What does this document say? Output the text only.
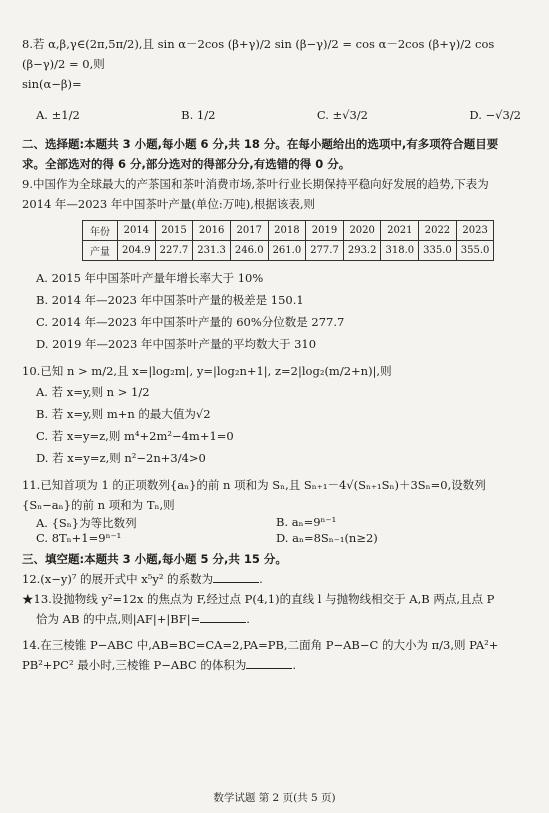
8.若 α,β,γ∈(2π,5π/2),且 sin α－2cos (β+γ)/2 sin (β−γ)/2 = cos α－2cos (β+γ)/2 cos (β−γ)/2 = 0,则
sin(α−β)=
A. ±1/2	B. 1/2	C. ±√3/2	D. −√3/2
二、选择题:本题共 3 小题,每小题 6 分,共 18 分。在每小题给出的选项中,有多项符合题目要
求。全部选对的得 6 分,部分选对的得部分分,有选错的得 0 分。
9.中国作为全球最大的产茶国和茶叶消费市场,茶叶行业长期保持平稳向好发展的趋势,下表为
2014 年—2023 年中国茶叶产量(单位:万吨),根据该表,则
年份	2014	2015	2016	2017	2018	2019	2020	2021	2022	2023
产量	204.9	227.7	231.3	246.0	261.0	277.7	293.2	318.0	335.0	355.0
A. 2015 年中国茶叶产量年增长率大于 10%
B. 2014 年—2023 年中国茶叶产量的极差是 150.1
C. 2014 年—2023 年中国茶叶产量的 60%分位数是 277.7
D. 2019 年—2023 年中国茶叶产量的平均数大于 310
10.已知 n > m/2,且 x=|log₂m|, y=|log₂n+1|, z=2|log₂(m/2+n)|,则
A. 若 x=y,则 n > 1/2
B. 若 x=y,则 m+n 的最大值为√2
C. 若 x=y=z,则 m⁴+2m²−4m+1=0
D. 若 x=y=z,则 n²−2n+3/4>0
11.已知首项为 1 的正项数列{aₙ}的前 n 项和为 Sₙ,且 Sₙ₊₁－4√(Sₙ₊₁Sₙ)＋3Sₙ=0,设数列
{Sₙ−aₙ}的前 n 项和为 Tₙ,则
A. {Sₙ}为等比数列	B. aₙ=9ⁿ⁻¹
C. 8Tₙ+1=9ⁿ⁻¹	D. aₙ=8Sₙ₋₁(n≥2)
三、填空题:本题共 3 小题,每小题 5 分,共 15 分。
12.(x−y)⁷ 的展开式中 x⁵y² 的系数为	.
★13.设抛物线 y²=12x 的焦点为 F,经过点 P(4,1)的直线 l 与抛物线相交于 A,B 两点,且点 P
恰为 AB 的中点,则|AF|+|BF|=	.
14.在三棱锥 P−ABC 中,AB=BC=CA=2,PA=PB,二面角 P−AB−C 的大小为 π/3,则 PA²+
PB²+PC² 最小时,三棱锥 P−ABC 的体积为	.
数学试题 第 2 页(共 5 页)
